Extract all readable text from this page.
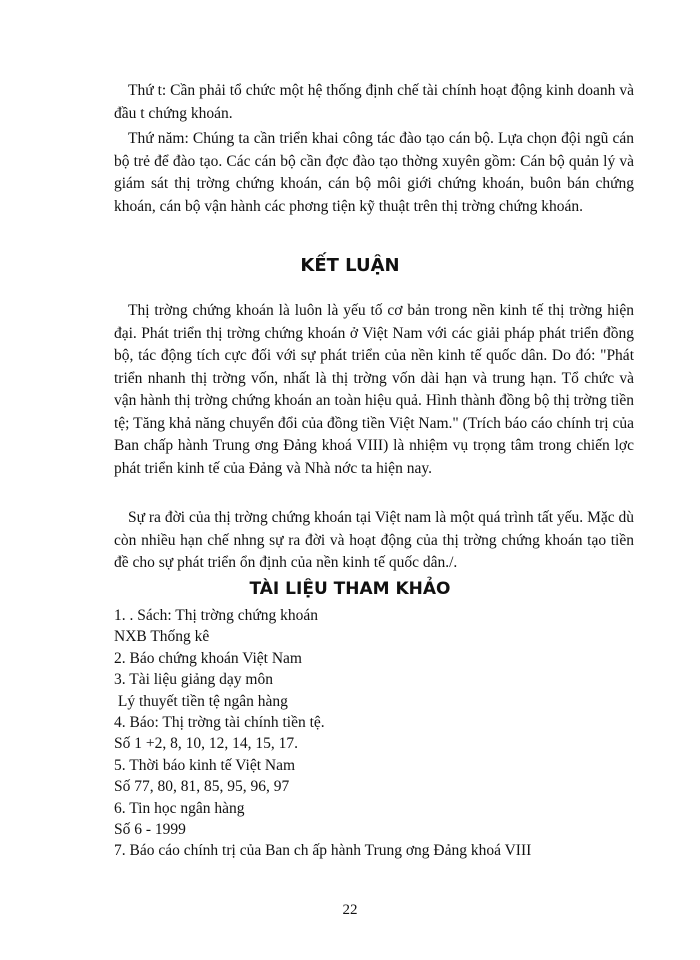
Thứ t: Cần phải tổ chức một hệ thống định chế tài chính hoạt động kinh doanh và đầu t chứng khoán.

Thứ năm: Chúng ta cần triển khai công tác đào tạo cán bộ. Lựa chọn đội ngũ cán bộ trẻ để đào tạo. Các cán bộ cần đợc đào tạo thờng xuyên gồm: Cán bộ quản lý và giám sát thị trờng chứng khoán, cán bộ môi giới chứng khoán, buôn bán chứng khoán, cán bộ vận hành các phơng tiện kỹ thuật trên thị trờng chứng khoán.

KẾT LUẬN

Thị trờng chứng khoán là luôn là yếu tố cơ bản trong nền kinh tế thị trờng hiện đại. Phát triển thị trờng chứng khoán ở Việt Nam với các giải pháp phát triển đồng bộ, tác động tích cực đối với sự phát triển của nền kinh tế quốc dân. Do đó: "Phát triển nhanh thị trờng vốn, nhất là thị trờng vốn dài hạn và trung hạn. Tổ chức và vận hành thị trờng chứng khoán an toàn hiệu quả. Hình thành đồng bộ thị trờng tiền tệ; Tăng khả năng chuyển đổi của đồng tiền Việt Nam." (Trích báo cáo chính trị của Ban chấp hành Trung ơng Đảng khoá VIII) là nhiệm vụ trọng tâm trong chiến lợc phát triển kinh tế của Đảng và Nhà nớc ta hiện nay.

Sự ra đời của thị trờng chứng khoán tại Việt nam là một quá trình tất yếu. Mặc dù còn nhiều hạn chế nhng sự ra đời và hoạt động của thị trờng chứng khoán tạo tiền đề cho sự phát triển ổn định của nền kinh tế quốc dân./.

TÀI LIỆU THAM KHẢO
1. . Sách: Thị trờng chứng khoán
NXB Thống kê
2. Báo chứng khoán Việt Nam
3. Tài liệu giảng dạy môn
Lý thuyết tiền tệ ngân hàng
4. Báo: Thị trờng tài chính tiền tệ.
Số 1 +2, 8, 10, 12, 14, 15, 17.
5. Thời báo kinh tế Việt Nam
Số 77, 80, 81, 85, 95, 96, 97
6. Tin học ngân hàng
Số 6 - 1999
7. Báo cáo chính trị của Ban ch ấp hành Trung ơng Đảng khoá VIII

22
